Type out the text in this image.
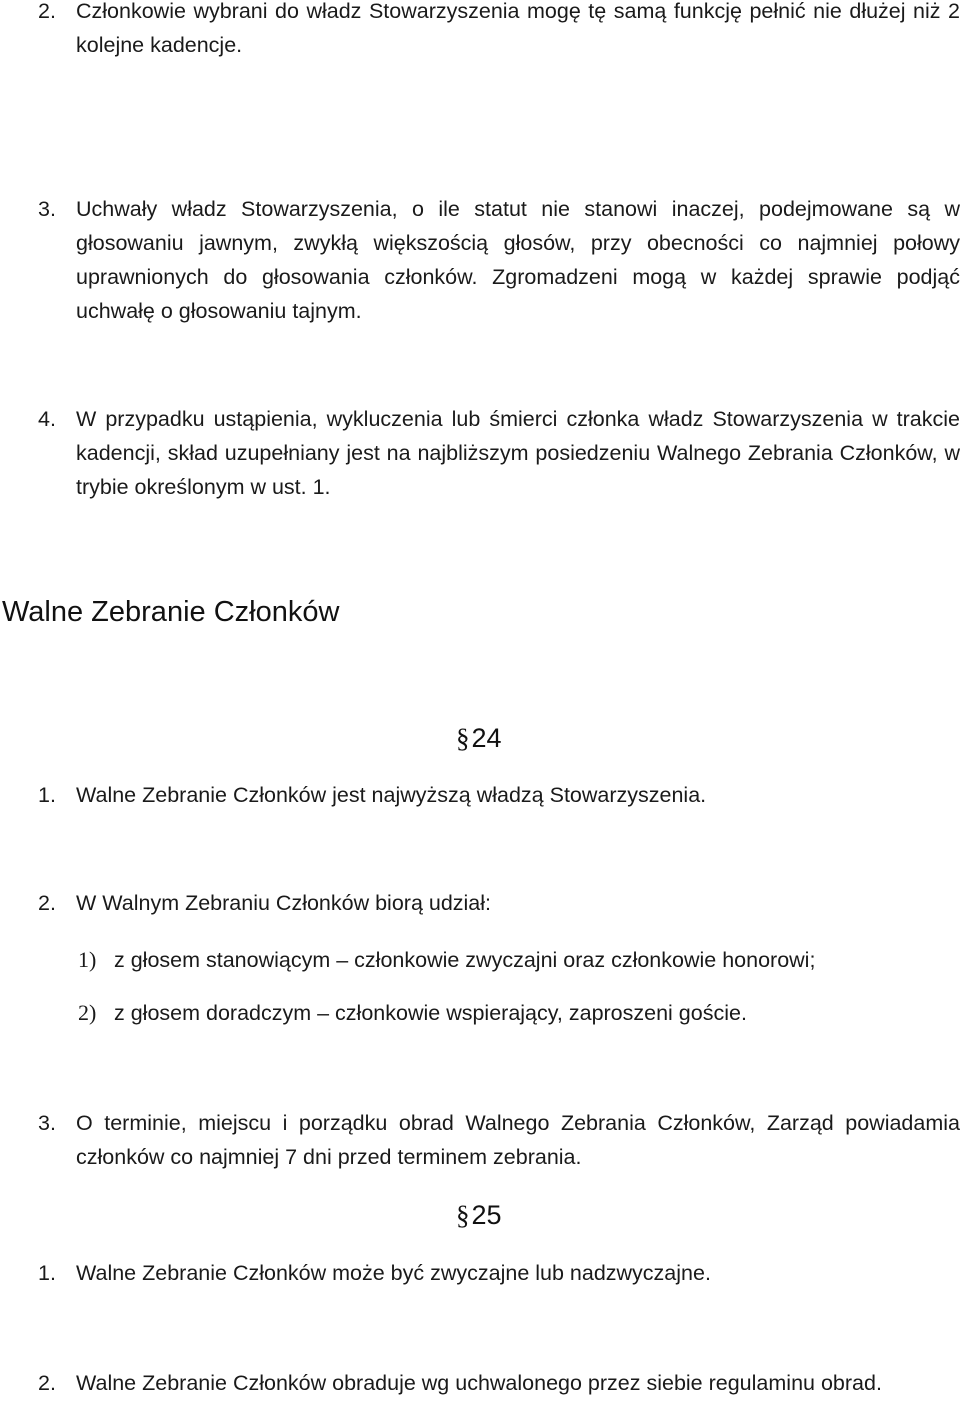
2. Członkowie wybrani do władz Stowarzyszenia mogę tę samą funkcję pełnić nie dłużej niż 2 kolejne kadencje.
3. Uchwały władz Stowarzyszenia, o ile statut nie stanowi inaczej, podejmowane są w głosowaniu jawnym, zwykłą większością głosów, przy obecności co najmniej połowy uprawnionych do głosowania członków. Zgromadzeni mogą w każdej sprawie podjąć uchwałę o głosowaniu tajnym.
4. W przypadku ustąpienia, wykluczenia lub śmierci członka władz Stowarzyszenia w trakcie kadencji, skład uzupełniany jest na najbliższym posiedzeniu Walnego Zebrania Członków, w trybie określonym w ust. 1.
Walne Zebranie Członków
§24
1. Walne Zebranie Członków jest najwyższą władzą Stowarzyszenia.
2. W Walnym Zebraniu Członków biorą udział:
1) z głosem stanowiącym – członkowie zwyczajni oraz członkowie honorowi;
2) z głosem doradczym – członkowie wspierający, zaproszeni goście.
3. O terminie, miejscu i porządku obrad Walnego Zebrania Członków, Zarząd powiadamia członków co najmniej 7 dni przed terminem zebrania.
§25
1. Walne Zebranie Członków może być zwyczajne lub nadzwyczajne.
2. Walne Zebranie Członków obraduje wg uchwalonego przez siebie regulaminu obrad.
